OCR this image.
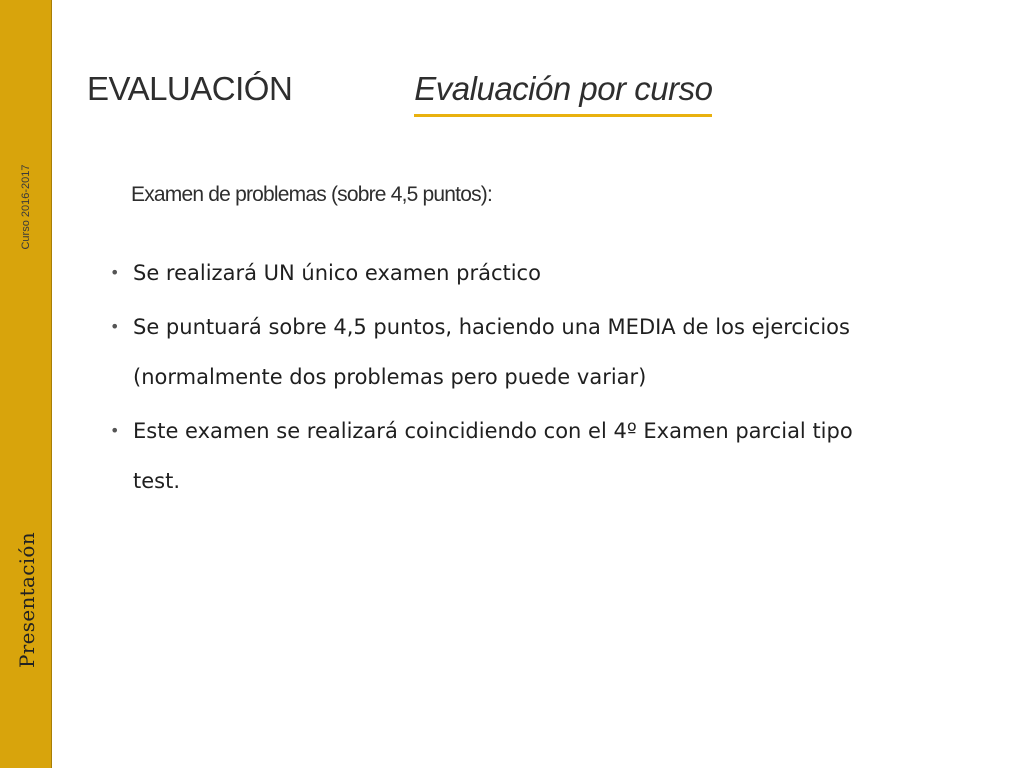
Curso 2016-2017
Presentación
EVALUACIÓN	Evaluación por curso
Examen de problemas (sobre 4,5 puntos):
• Se realizará UN único examen práctico
• Se puntuará sobre 4,5 puntos, haciendo una MEDIA de los ejercicios (normalmente dos problemas pero puede variar)
• Este examen se realizará coincidiendo con el 4º Examen parcial tipo test.
